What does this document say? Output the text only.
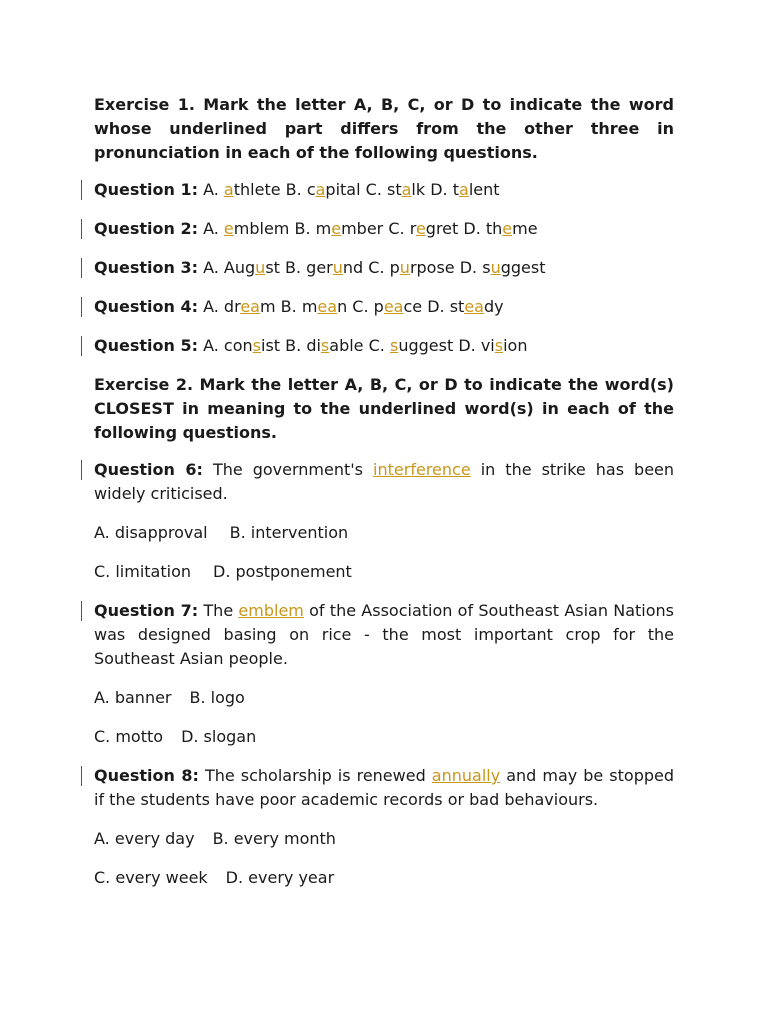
Exercise 1. Mark the letter A, B, C, or D to indicate the word whose underlined part differs from the other three in pronunciation in each of the following questions.

Question 1: A. athlete B. capital C. stalk D. talent
Question 2: A. emblem B. member C. regret D. theme
Question 3: A. August B. gerund C. purpose D. suggest
Question 4: A. dream B. mean C. peace D. steady
Question 5: A. consist B. disable C. suggest D. vision

Exercise 2. Mark the letter A, B, C, or D to indicate the word(s) CLOSEST in meaning to the underlined word(s) in each of the following questions.

Question 6: The government's interference in the strike has been widely criticised.
A. disapproval B. intervention
C. limitation D. postponement
Question 7: The emblem of the Association of Southeast Asian Nations was designed basing on rice - the most important crop for the Southeast Asian people.
A. banner B. logo
C. motto D. slogan
Question 8: The scholarship is renewed annually and may be stopped if the students have poor academic records or bad behaviours.
A. every day B. every month
C. every week D. every year
